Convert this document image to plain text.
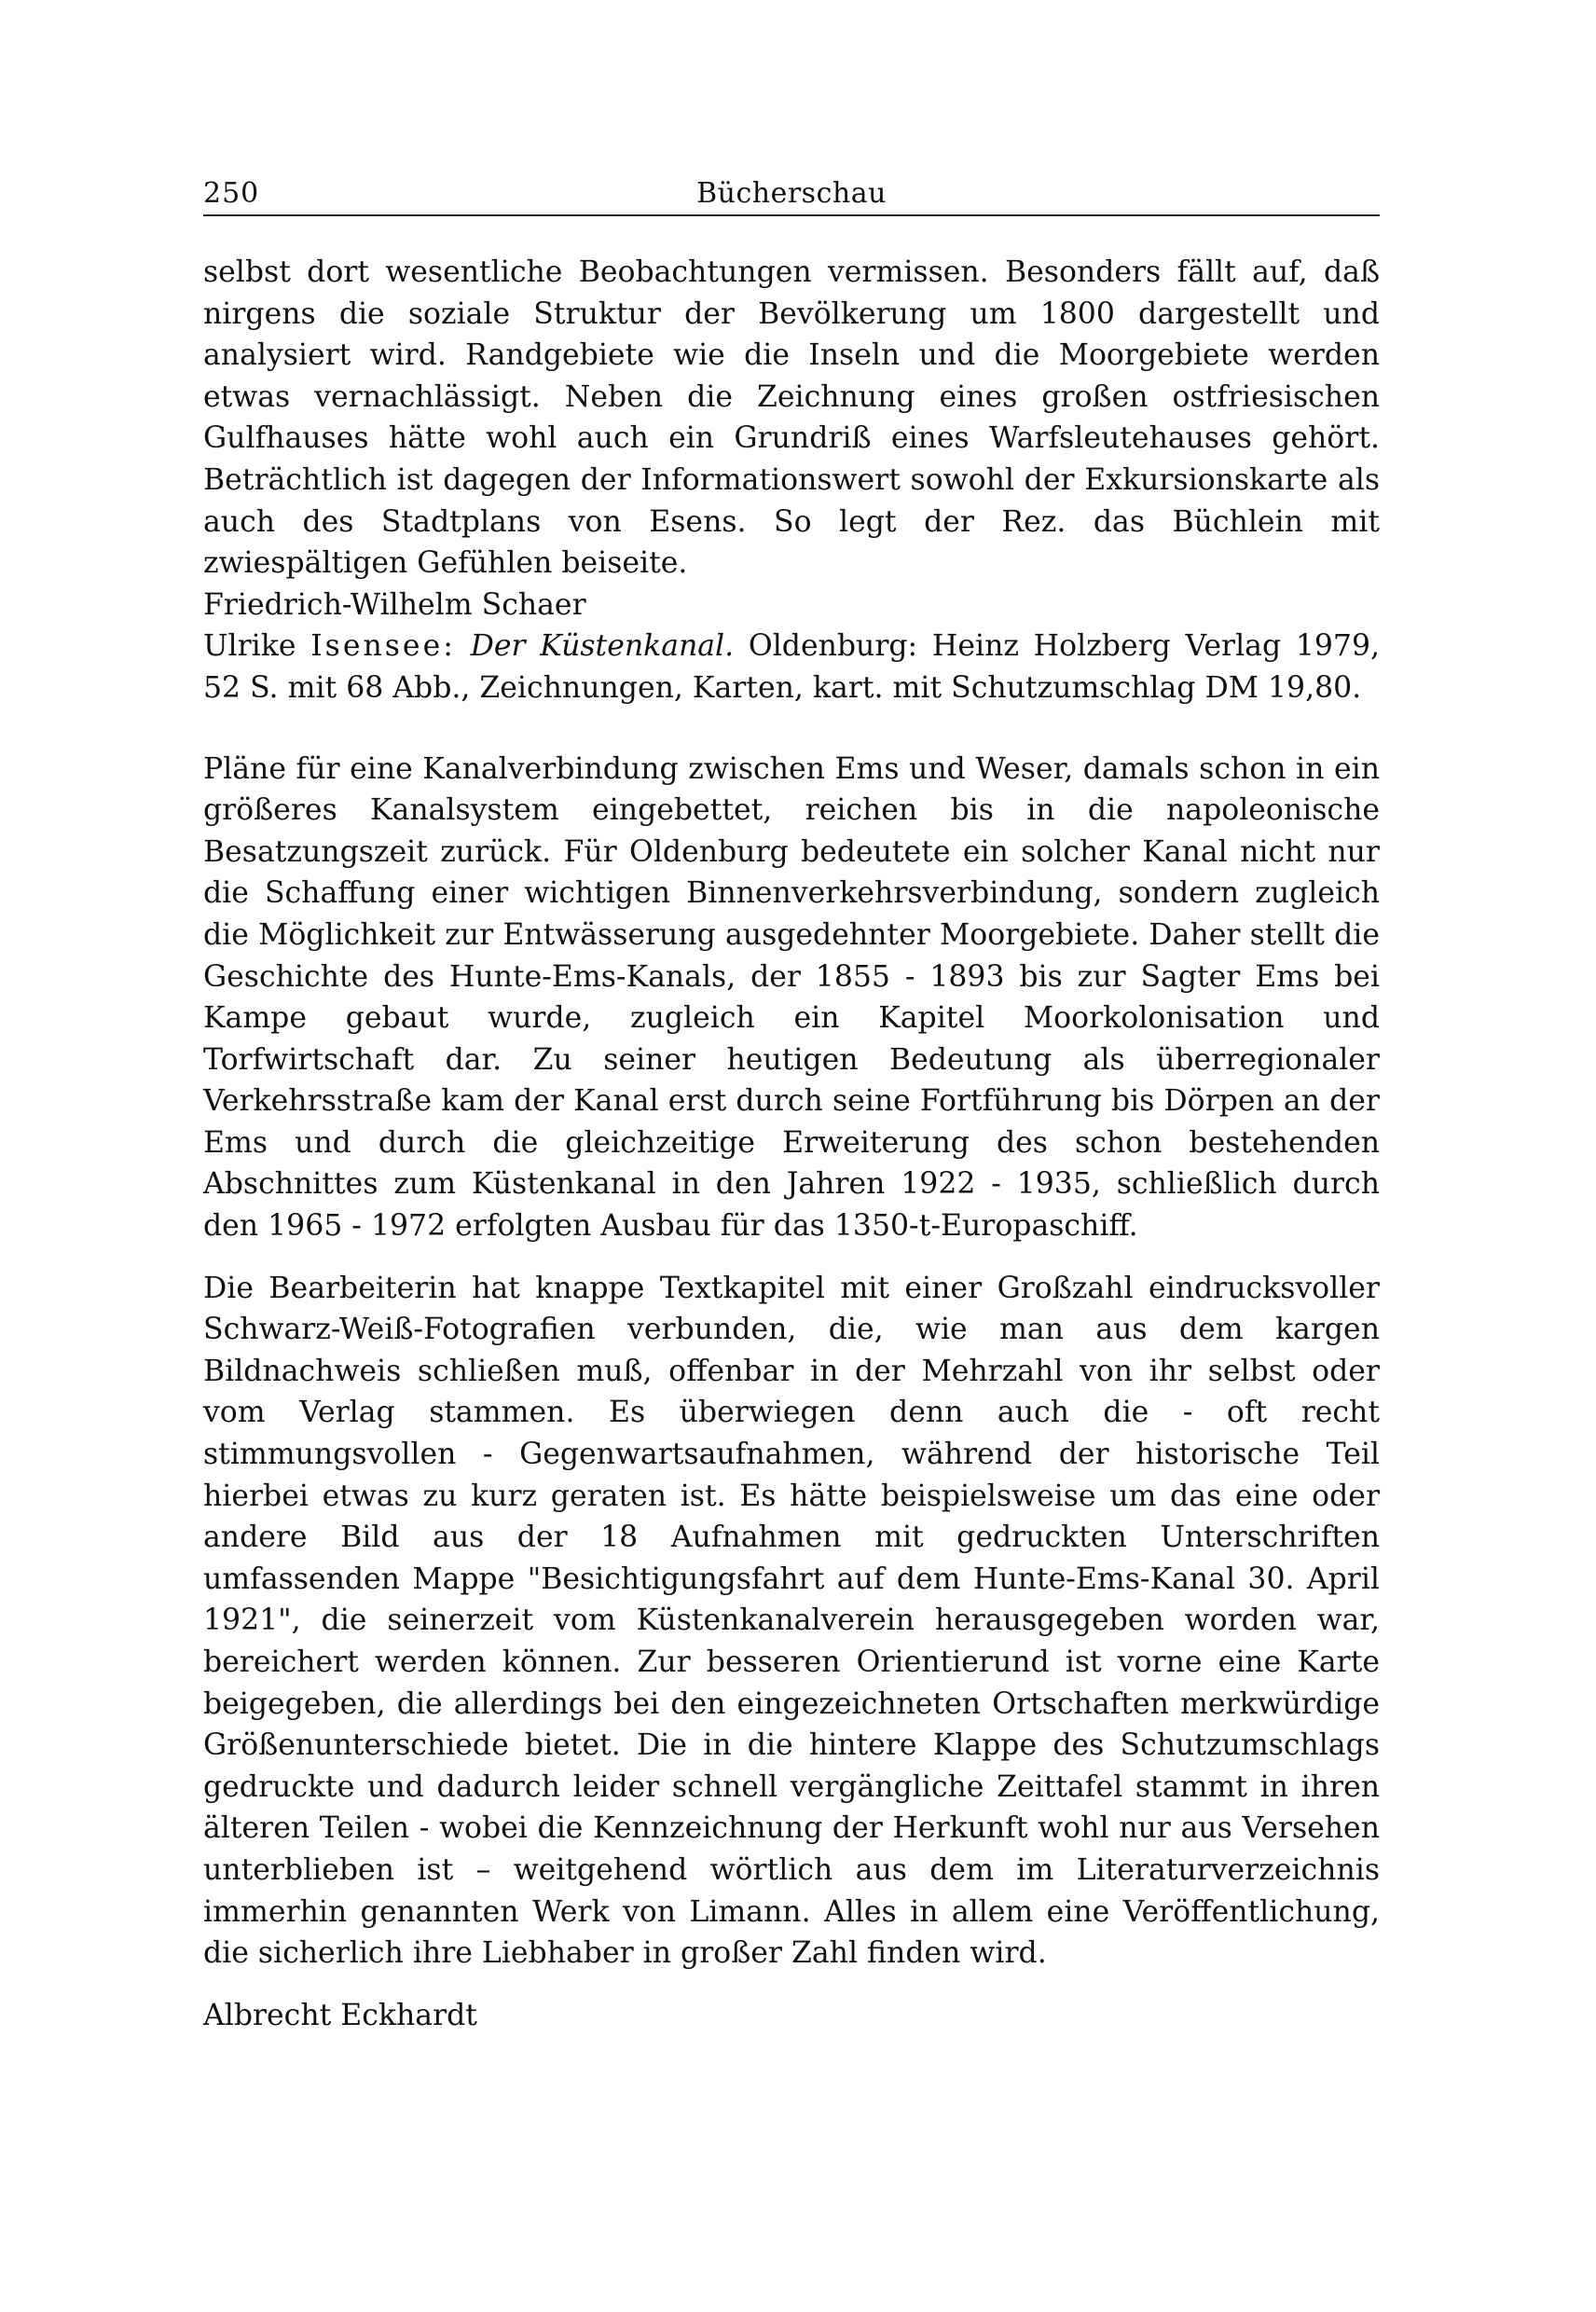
250	Bücherschau

selbst dort wesentliche Beobachtungen vermissen. Besonders fällt auf, daß nirgens die soziale Struktur der Bevölkerung um 1800 dargestellt und analysiert wird. Randgebiete wie die Inseln und die Moorgebiete werden etwas vernachlässigt. Neben die Zeichnung eines großen ostfriesischen Gulfhauses hätte wohl auch ein Grundriß eines Warfsleutehauses gehört. Beträchtlich ist dagegen der Informationswert sowohl der Exkursionskarte als auch des Stadtplans von Esens. So legt der Rez. das Büchlein mit zwiespältigen Gefühlen beiseite.

Friedrich-Wilhelm Schaer

Ulrike Isensee: Der Küstenkanal. Oldenburg: Heinz Holzberg Verlag 1979, 52 S. mit 68 Abb., Zeichnungen, Karten, kart. mit Schutzumschlag DM 19,80.

Pläne für eine Kanalverbindung zwischen Ems und Weser, damals schon in ein größeres Kanalsystem eingebettet, reichen bis in die napoleonische Besatzungszeit zurück. Für Oldenburg bedeutete ein solcher Kanal nicht nur die Schaffung einer wichtigen Binnenverkehrsverbindung, sondern zugleich die Möglichkeit zur Entwässerung ausgedehnter Moorgebiete. Daher stellt die Geschichte des Hunte-Ems-Kanals, der 1855 - 1893 bis zur Sagter Ems bei Kampe gebaut wurde, zugleich ein Kapitel Moorkolonisation und Torfwirtschaft dar. Zu seiner heutigen Bedeutung als überregionaler Verkehrsstraße kam der Kanal erst durch seine Fortführung bis Dörpen an der Ems und durch die gleichzeitige Erweiterung des schon bestehenden Abschnittes zum Küstenkanal in den Jahren 1922 - 1935, schließlich durch den 1965 - 1972 erfolgten Ausbau für das 1350-t-Europaschiff.

Die Bearbeiterin hat knappe Textkapitel mit einer Großzahl eindrucksvoller Schwarz-Weiß-Fotografien verbunden, die, wie man aus dem kargen Bildnachweis schließen muß, offenbar in der Mehrzahl von ihr selbst oder vom Verlag stammen. Es überwiegen denn auch die - oft recht stimmungsvollen - Gegenwartsaufnahmen, während der historische Teil hierbei etwas zu kurz geraten ist. Es hätte beispielsweise um das eine oder andere Bild aus der 18 Aufnahmen mit gedruckten Unterschriften umfassenden Mappe "Besichtigungsfahrt auf dem Hunte-Ems-Kanal 30. April 1921", die seinerzeit vom Küstenkanalverein herausgegeben worden war, bereichert werden können. Zur besseren Orientierund ist vorne eine Karte beigegeben, die allerdings bei den eingezeichneten Ortschaften merkwürdige Größenunterschiede bietet. Die in die hintere Klappe des Schutzumschlags gedruckte und dadurch leider schnell vergängliche Zeittafel stammt in ihren älteren Teilen - wobei die Kennzeichnung der Herkunft wohl nur aus Versehen unterblieben ist – weitgehend wörtlich aus dem im Literaturverzeichnis immerhin genannten Werk von Limann. Alles in allem eine Veröffentlichung, die sicherlich ihre Liebhaber in großer Zahl finden wird.

Albrecht Eckhardt
